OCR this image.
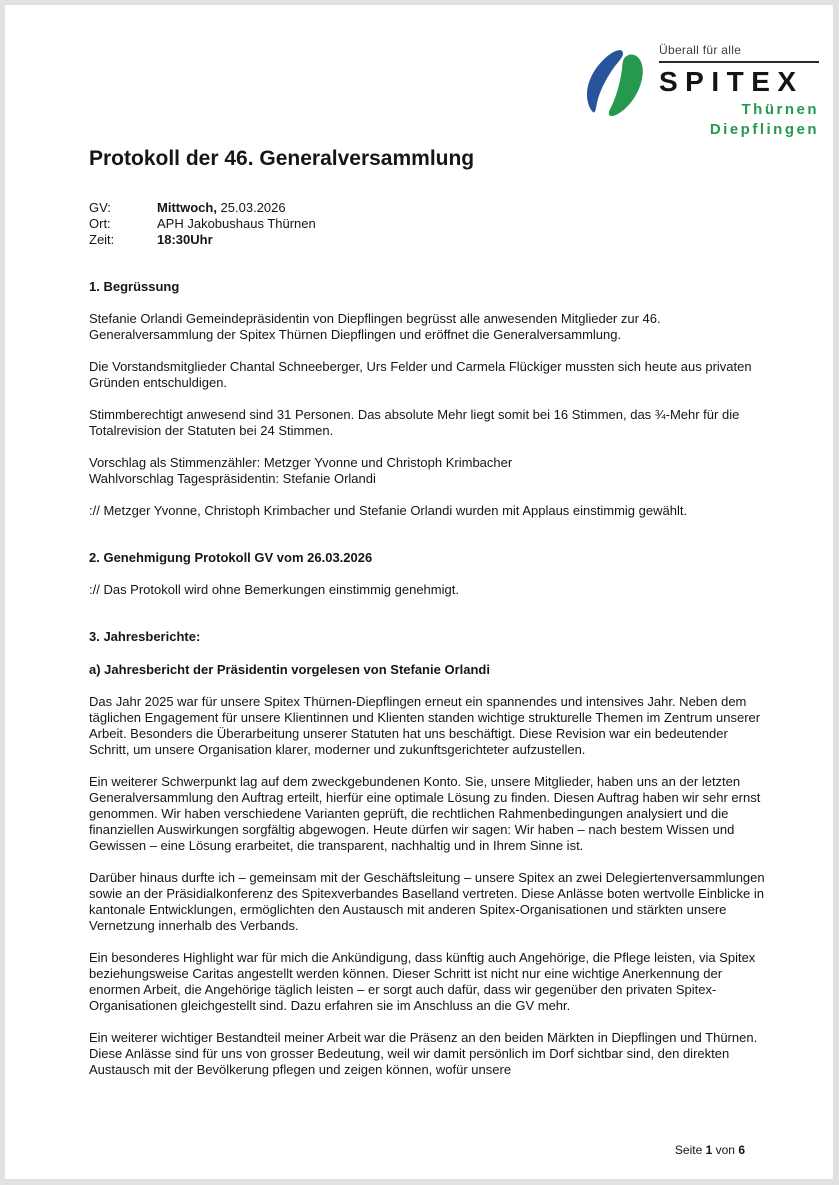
Überall für alle
SPITEX
Thürnen
Diepflingen
Protokoll der 46. Generalversammlung
GV:	Mittwoch, 25.03.2026
Ort:	APH Jakobushaus Thürnen
Zeit:	18:30Uhr
1. Begrüssung
Stefanie Orlandi Gemeindepräsidentin von Diepflingen begrüsst alle anwesenden Mitglieder zur 46. Generalversammlung der Spitex Thürnen Diepflingen und eröffnet die Generalversammlung.
Die Vorstandsmitglieder Chantal Schneeberger, Urs Felder und Carmela Flückiger mussten sich heute aus privaten Gründen entschuldigen.
Stimmberechtigt anwesend sind 31 Personen. Das absolute Mehr liegt somit bei 16 Stimmen, das ¾-Mehr für die Totalrevision der Statuten bei 24 Stimmen.
Vorschlag als Stimmenzähler: Metzger Yvonne und Christoph Krimbacher
Wahlvorschlag Tagespräsidentin: Stefanie Orlandi
:// Metzger Yvonne, Christoph Krimbacher und Stefanie Orlandi wurden mit Applaus einstimmig gewählt.
2. Genehmigung Protokoll GV vom 26.03.2026
:// Das Protokoll wird ohne Bemerkungen einstimmig genehmigt.
3. Jahresberichte:
a) Jahresbericht der Präsidentin vorgelesen von Stefanie Orlandi
Das Jahr 2025 war für unsere Spitex Thürnen-Diepflingen erneut ein spannendes und intensives Jahr. Neben dem täglichen Engagement für unsere Klientinnen und Klienten standen wichtige strukturelle Themen im Zentrum unserer Arbeit. Besonders die Überarbeitung unserer Statuten hat uns beschäftigt. Diese Revision war ein bedeutender Schritt, um unsere Organisation klarer, moderner und zukunftsgerichteter aufzustellen.
Ein weiterer Schwerpunkt lag auf dem zweckgebundenen Konto. Sie, unsere Mitglieder, haben uns an der letzten Generalversammlung den Auftrag erteilt, hierfür eine optimale Lösung zu finden. Diesen Auftrag haben wir sehr ernst genommen. Wir haben verschiedene Varianten geprüft, die rechtlichen Rahmenbedingungen analysiert und die finanziellen Auswirkungen sorgfältig abgewogen. Heute dürfen wir sagen: Wir haben – nach bestem Wissen und Gewissen – eine Lösung erarbeitet, die transparent, nachhaltig und in Ihrem Sinne ist.
Darüber hinaus durfte ich – gemeinsam mit der Geschäftsleitung – unsere Spitex an zwei Delegiertenversammlungen sowie an der Präsidialkonferenz des Spitexverbandes Baselland vertreten. Diese Anlässe boten wertvolle Einblicke in kantonale Entwicklungen, ermöglichten den Austausch mit anderen Spitex-Organisationen und stärkten unsere Vernetzung innerhalb des Verbands.
Ein besonderes Highlight war für mich die Ankündigung, dass künftig auch Angehörige, die Pflege leisten, via Spitex beziehungsweise Caritas angestellt werden können. Dieser Schritt ist nicht nur eine wichtige Anerkennung der enormen Arbeit, die Angehörige täglich leisten – er sorgt auch dafür, dass wir gegenüber den privaten Spitex-Organisationen gleichgestellt sind. Dazu erfahren sie im Anschluss an die GV mehr.
Ein weiterer wichtiger Bestandteil meiner Arbeit war die Präsenz an den beiden Märkten in Diepflingen und Thürnen. Diese Anlässe sind für uns von grosser Bedeutung, weil wir damit persönlich im Dorf sichtbar sind, den direkten Austausch mit der Bevölkerung pflegen und zeigen können, wofür unsere
Seite 1 von 6
